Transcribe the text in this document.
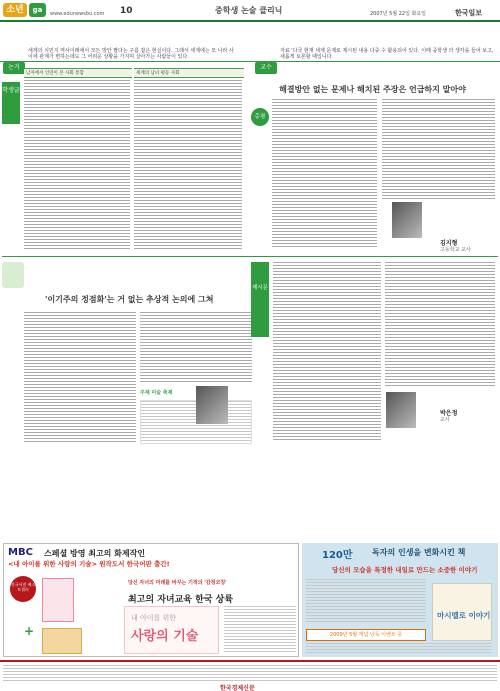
소년	ga	www.edunewsbu.com 10	중학생 논술 클리닉	2007년 5월 22일 화요일	한국일보
논거
세계의 식민지 역사이래에서 모든 방안 팔다는 구름 잡은 현실이다. 그래서 세계에는 모 나라 사이에 관계가 변하는데도 그 어려운 상황을 가지며 살아가는 사람들이 있다.
교수
자료 '다국 현재 세계 문제로 제시된 내용 다중 수 활용되어 있다. 이때 중학생 의 생각을 들어 보고, 새롭게 토론할 때입니다.
학생글
남자에서 인연이 본 사회 통합	세계의 남녀 평등 사회
해결방안 없는 문제나 해치된 주장은 언급하지 말아야
총평
김지형
고등학교 교사
'이기주의 정점화'는 거 없는 추상적 논의에 그쳐
주제 미술 축제
제시문
박은정
교사
MBC 스페셜 방영 최고의 화제작인
<내 아이를 위한 사랑의 기술> 원작도서 한국어판 출간!
전국서점 베스트셀러
+
당신 자녀의 미래를 바꾸는 기적의 '감정코칭'
최고의 자녀교육 한국 상륙
내 아이를 위한
사랑의 기술
120만 독자의 인생을 변화시킨 책
당신의 모습을 특정한 내일로 만드는 소중한 이야기
마시멜로 이야기
2009년 5월 개념 낭독 이벤트 중
한국경제신문
